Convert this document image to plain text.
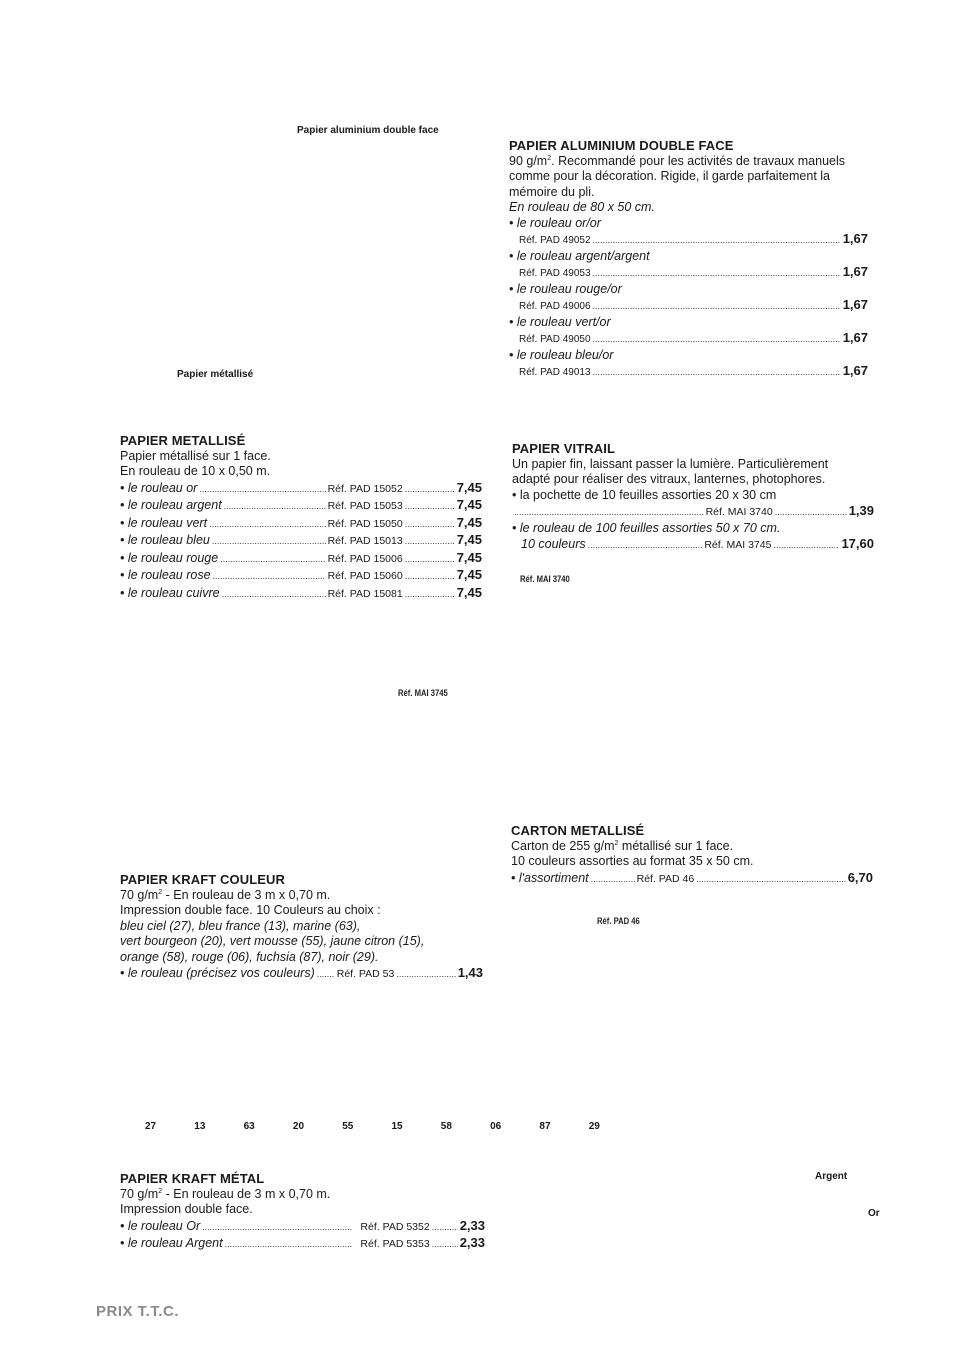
Papier aluminium double face
Papier métallisé
Réf. MAI 3740
Réf. MAI 3745
Réf. PAD 46
Argent
Or
PAPIER ALUMINIUM DOUBLE FACE
90 $g/m^2$. Recommandé pour les activités de travaux manuels
comme pour la décoration. Rigide, il garde parfaitement la
mémoire du pli.
En rouleau de 80 x 50 cm.
• le rouleau or/or
Réf. PAD 49052 .....	1,67
• le rouleau argent/argent
Réf. PAD 49053 .....	1,67
• le rouleau rouge/or
Réf. PAD 49006 .....	1,67
• le rouleau vert/or
Réf. PAD 49050 .....	1,67
• le rouleau bleu/or
Réf. PAD 49013 .....	1,67
PAPIER METALLISÉ
Papier métallisé sur 1 face.
En rouleau de 10 x 0,50 m.
• le rouleau or .....	Réf. PAD 15052 .....	7,45
• le rouleau argent .....	Réf. PAD 15053 .....	7,45
• le rouleau vert .....	Réf. PAD 15050 .....	7,45
• le rouleau bleu .....	Réf. PAD 15013 .....	7,45
• le rouleau rouge .....	Réf. PAD 15006 .....	7,45
• le rouleau rose .....	Réf. PAD 15060 .....	7,45
• le rouleau cuivre .....	Réf. PAD 15081 .....	7,45
PAPIER VITRAIL
Un papier fin, laissant passer la lumière. Particulièrement
adapté pour réaliser des vitraux, lanternes, photophores.
• la pochette de 10 feuilles assorties 20 x 30 cm
.....
Réf. MAI 3740 .....	1,39
• le rouleau de 100 feuilles assorties 50 x 70 cm.
10 couleurs .....	Réf. MAI 3745 .....	17,60
CARTON METALLISÉ
Carton de 255 $g/m^2$ métallisé sur 1 face.
10 couleurs assorties au format 35 x 50 cm.
• l'assortiment .....	Réf. PAD 46 .....	6,70
PAPIER KRAFT COULEUR
70 $g/m^2$ - En rouleau de 3 m x 0,70 m.
Impression double face. 10 Couleurs au choix :
bleu ciel (27), bleu france (13), marine (63),
vert bourgeon (20), vert mousse (55), jaune citron (15),
orange (58), rouge (06), fuchsia (87), noir (29).
• le rouleau (précisez vos couleurs) ..... Réf. PAD 53 .....	1,43
27	13	63	20	55	15	58	06	87	29
PAPIER KRAFT MÉTAL
70 $g/m^2$ - En rouleau de 3 m x 0,70 m.
Impression double face.
• le rouleau Or .....	Réf. PAD 5352 ..... 2,33
• le rouleau Argent .....	Réf. PAD 5353 ..... 2,33
PRIX T.T.C.
